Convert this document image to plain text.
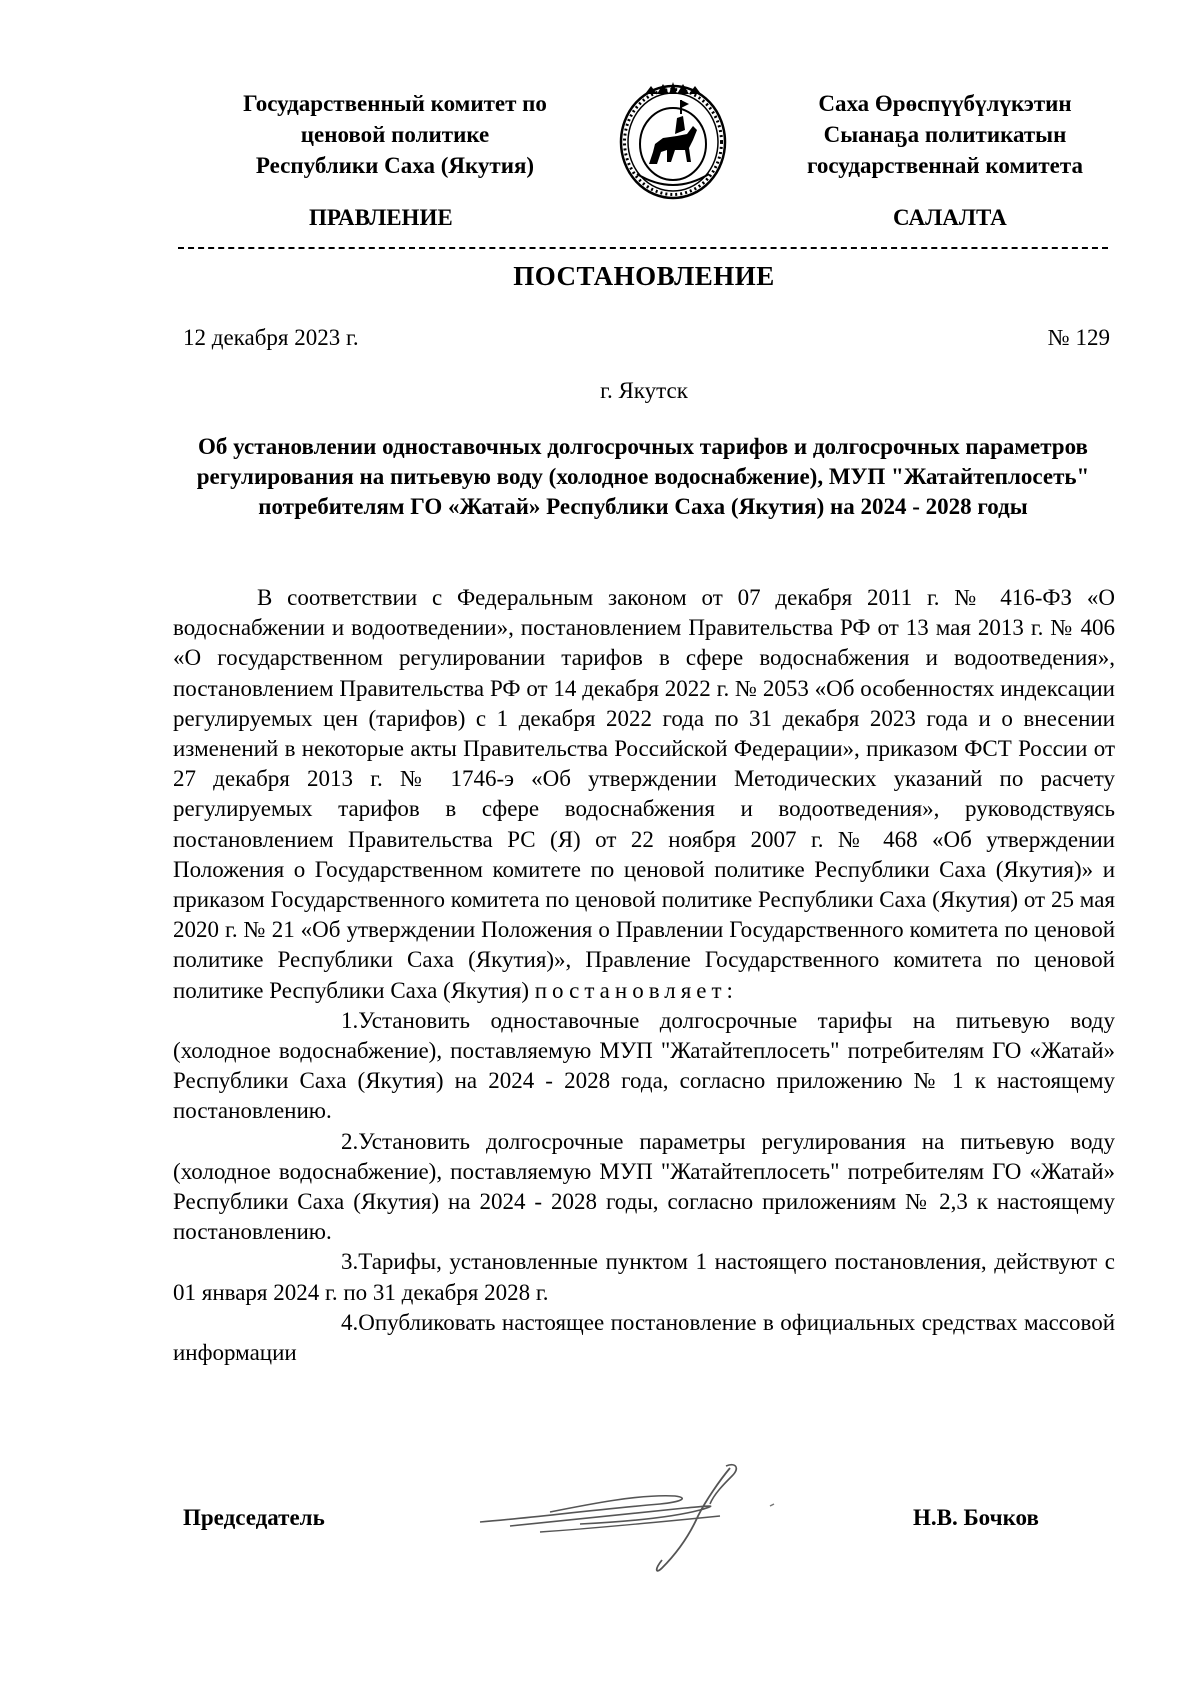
Государственный комитет по
ценовой политике
Республики Саха (Якутия)
Саха Өрөспүүбүлүкэтин
Сыанаҕа политикатын
государственнай комитета
ПРАВЛЕНИЕ	САЛАЛТА
ПОСТАНОВЛЕНИЕ
12 декабря 2023 г.	№ 129
г. Якутск
Об установлении одноставочных долгосрочных тарифов и долгосрочных параметров регулирования на питьевую воду (холодное водоснабжение), МУП "Жатайтеплосеть" потребителям ГО «Жатай» Республики Саха (Якутия) на 2024 - 2028 годы

В соответствии с Федеральным законом от 07 декабря 2011 г. № 416-ФЗ «О водоснабжении и водоотведении», постановлением Правительства РФ от 13 мая 2013 г. № 406 «О государственном регулировании тарифов в сфере водоснабжения и водоотведения», постановлением Правительства РФ от 14 декабря 2022 г. № 2053 «Об особенностях индексации регулируемых цен (тарифов) с 1 декабря 2022 года по 31 декабря 2023 года и о внесении изменений в некоторые акты Правительства Российской Федерации», приказом ФСТ России от 27 декабря 2013 г. № 1746-э «Об утверждении Методических указаний по расчету регулируемых тарифов в сфере водоснабжения и водоотведения», руководствуясь постановлением Правительства РС (Я) от 22 ноября 2007 г. № 468 «Об утверждении Положения о Государственном комитете по ценовой политике Республики Саха (Якутия)» и приказом Государственного комитета по ценовой политике Республики Саха (Якутия) от 25 мая 2020 г. № 21 «Об утверждении Положения о Правлении Государственного комитета по ценовой политике Республики Саха (Якутия)», Правление Государственного комитета по ценовой политике Республики Саха (Якутия) постановляет:

1.Установить одноставочные долгосрочные тарифы на питьевую воду (холодное водоснабжение), поставляемую МУП "Жатайтеплосеть" потребителям ГО «Жатай» Республики Саха (Якутия) на 2024 - 2028 года, согласно приложению № 1 к настоящему постановлению.

2.Установить долгосрочные параметры регулирования на питьевую воду (холодное водоснабжение), поставляемую МУП "Жатайтеплосеть" потребителям ГО «Жатай» Республики Саха (Якутия) на 2024 - 2028 годы, согласно приложениям № 2,3 к настоящему постановлению.

3.Тарифы, установленные пунктом 1 настоящего постановления, действуют с 01 января 2024 г. по 31 декабря 2028 г.

4.Опубликовать настоящее постановление в официальных средствах массовой информации

Председатель	Н.В. Бочков
